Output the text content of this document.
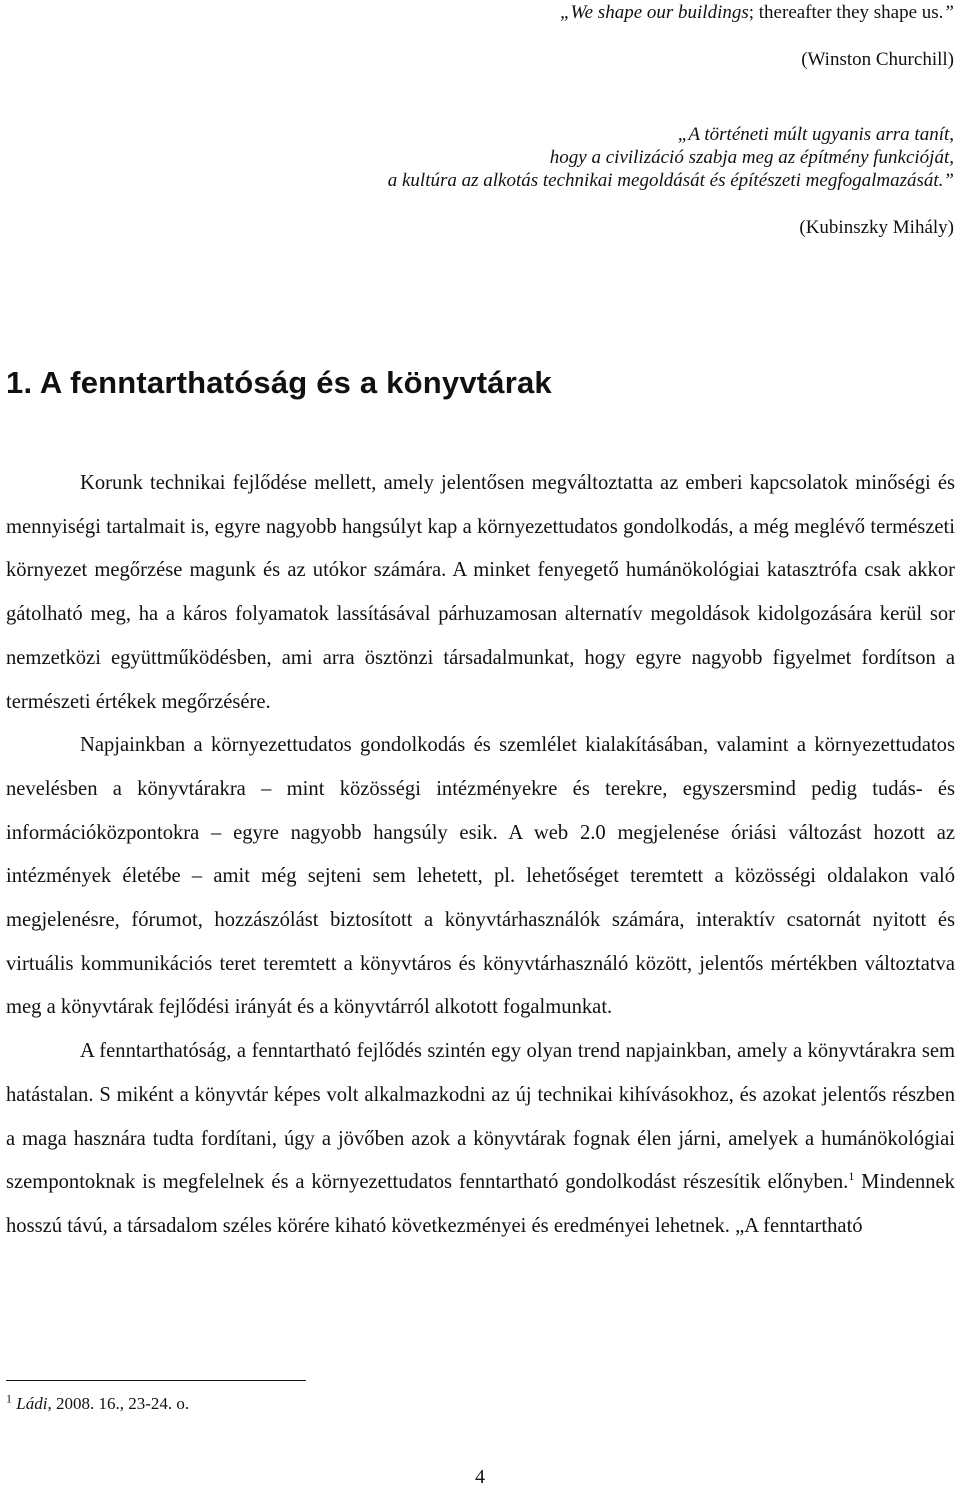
„We shape our buildings; thereafter they shape us.”

(Winston Churchill)

„A történeti múlt ugyanis arra tanít,
hogy a civilizáció szabja meg az építmény funkcióját,
a kultúra az alkotás technikai megoldását és építészeti megfogalmazását.”

(Kubinszky Mihály)

1. A fenntarthatóság és a könyvtárak

Korunk technikai fejlődése mellett, amely jelentősen megváltoztatta az emberi kapcsolatok minőségi és mennyiségi tartalmait is, egyre nagyobb hangsúlyt kap a környezettudatos gondolkodás, a még meglévő természeti környezet megőrzése magunk és az utókor számára. A minket fenyegető humánökológiai katasztrófa csak akkor gátolható meg, ha a káros folyamatok lassításával párhuzamosan alternatív megoldások kidolgozására kerül sor nemzetközi együttműködésben, ami arra ösztönzi társadalmunkat, hogy egyre nagyobb figyelmet fordítson a természeti értékek megőrzésére.

Napjainkban a környezettudatos gondolkodás és szemlélet kialakításában, valamint a környezettudatos nevelésben a könyvtárakra ‒ mint közösségi intézményekre és terekre, egyszersmind pedig tudás- és információközpontokra ‒ egyre nagyobb hangsúly esik. A web 2.0 megjelenése óriási változást hozott az intézmények életébe ‒ amit még sejteni sem lehetett, pl. lehetőséget teremtett a közösségi oldalakon való megjelenésre, fórumot, hozzászólást biztosított a könyvtárhasználók számára, interaktív csatornát nyitott és virtuális kommunikációs teret teremtett a könyvtáros és könyvtárhasználó között, jelentős mértékben változtatva meg a könyvtárak fejlődési irányát és a könyvtárról alkotott fogalmunkat.

A fenntarthatóság, a fenntartható fejlődés szintén egy olyan trend napjainkban, amely a könyvtárakra sem hatástalan. S miként a könyvtár képes volt alkalmazkodni az új technikai kihívásokhoz, és azokat jelentős részben a maga hasznára tudta fordítani, úgy a jövőben azok a könyvtárak fognak élen járni, amelyek a humánökológiai szempontoknak is megfelelnek és a környezettudatos fenntartható gondolkodást részesítik előnyben.$^1$ Mindennek hosszú távú, a társadalom széles körére kiható következményei és eredményei lehetnek. „A fenntartható

$^1$ Ládi, 2008. 16., 23-24. o.

4
